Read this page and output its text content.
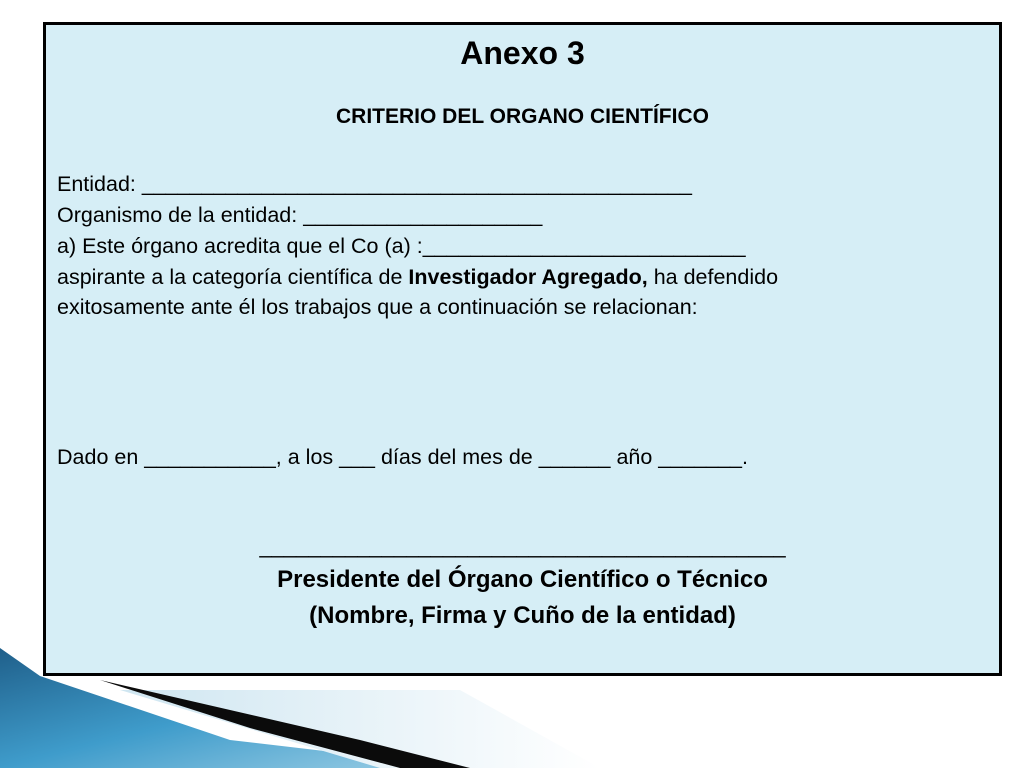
Anexo 3
CRITERIO DEL ORGANO CIENTÍFICO
Entidad: ______________________________________________
Organismo de la entidad: ____________________
a) Este órgano acredita que el Co (a) :___________________________
aspirante a la categoría científica de Investigador Agregado, ha defendido
exitosamente ante él los trabajos que a continuación se relacionan:
Dado en ___________, a los ___ días del mes de ______ año _______.
___________________________________________
Presidente del Órgano Científico o Técnico
(Nombre, Firma y Cuño de la entidad)
